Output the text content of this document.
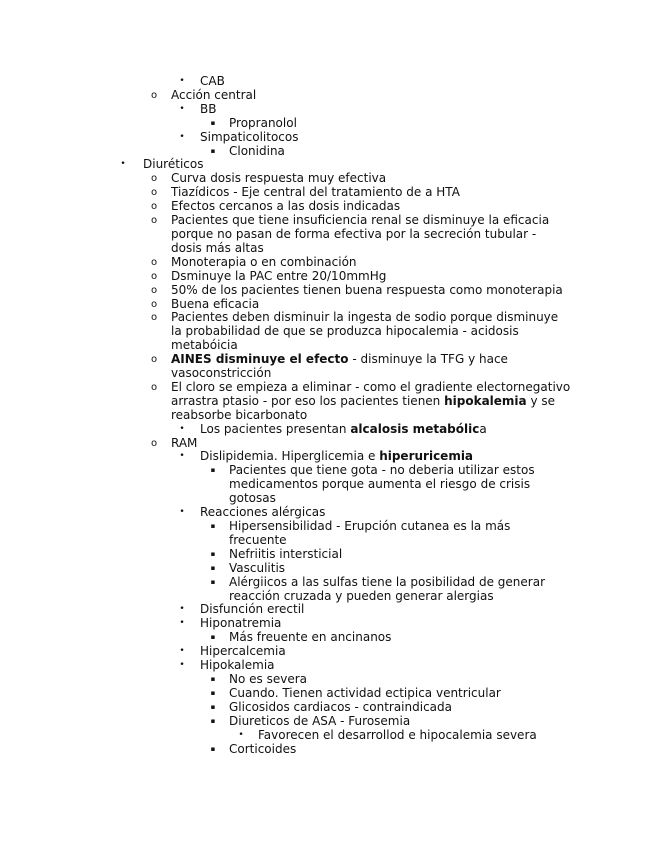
•	CAB
o	Acción central
•	BB
▪	Propranolol
•	Simpaticolitocos
▪	Clonidina
•	Diuréticos
o	Curva dosis respuesta muy efectiva
o	Tiazídicos - Eje central del tratamiento de a HTA
o	Efectos cercanos a las dosis indicadas
o	Pacientes que tiene insuficiencia renal se disminuye la eficacia
porque no pasan de forma efectiva por la secreción tubular -
dosis más altas
o	Monoterapia o en combinación
o	Dsminuye la PAC entre 20/10mmHg
o	50% de los pacientes tienen buena respuesta como monoterapia
o	Buena eficacia
o	Pacientes deben disminuir la ingesta de sodio porque disminuye
la probabilidad de que se produzca hipocalemia - acidosis
metabóicia
o	AINES disminuye el efecto - disminuye la TFG y hace
vasoconstricción
o	El cloro se empieza a eliminar - como el gradiente electornegativo
arrastra ptasio - por eso los pacientes tienen hipokalemia y se
reabsorbe bicarbonato
•	Los pacientes presentan alcalosis metabólica
o	RAM
•	Dislipidemia. Hiperglicemia e hiperuricemia
▪	Pacientes que tiene gota - no deberia utilizar estos
medicamentos porque aumenta el riesgo de crisis
gotosas
•	Reacciones alérgicas
▪	Hipersensibilidad - Erupción cutanea es la más
frecuente
▪	Nefriitis intersticial
▪	Vasculitis
▪	Alérgiicos a las sulfas tiene la posibilidad de generar
reacción cruzada y pueden generar alergias
•	Disfunción erectil
•	Hiponatremia
▪	Más freuente en ancinanos
•	Hipercalcemia
•	Hipokalemia
▪	No es severa
▪	Cuando. Tienen actividad ectipica ventricular
▪	Glicosidos cardiacos - contraindicada
▪	Diureticos de ASA - Furosemia
•	Favorecen el desarrollod e hipocalemia severa
▪	Corticoides
